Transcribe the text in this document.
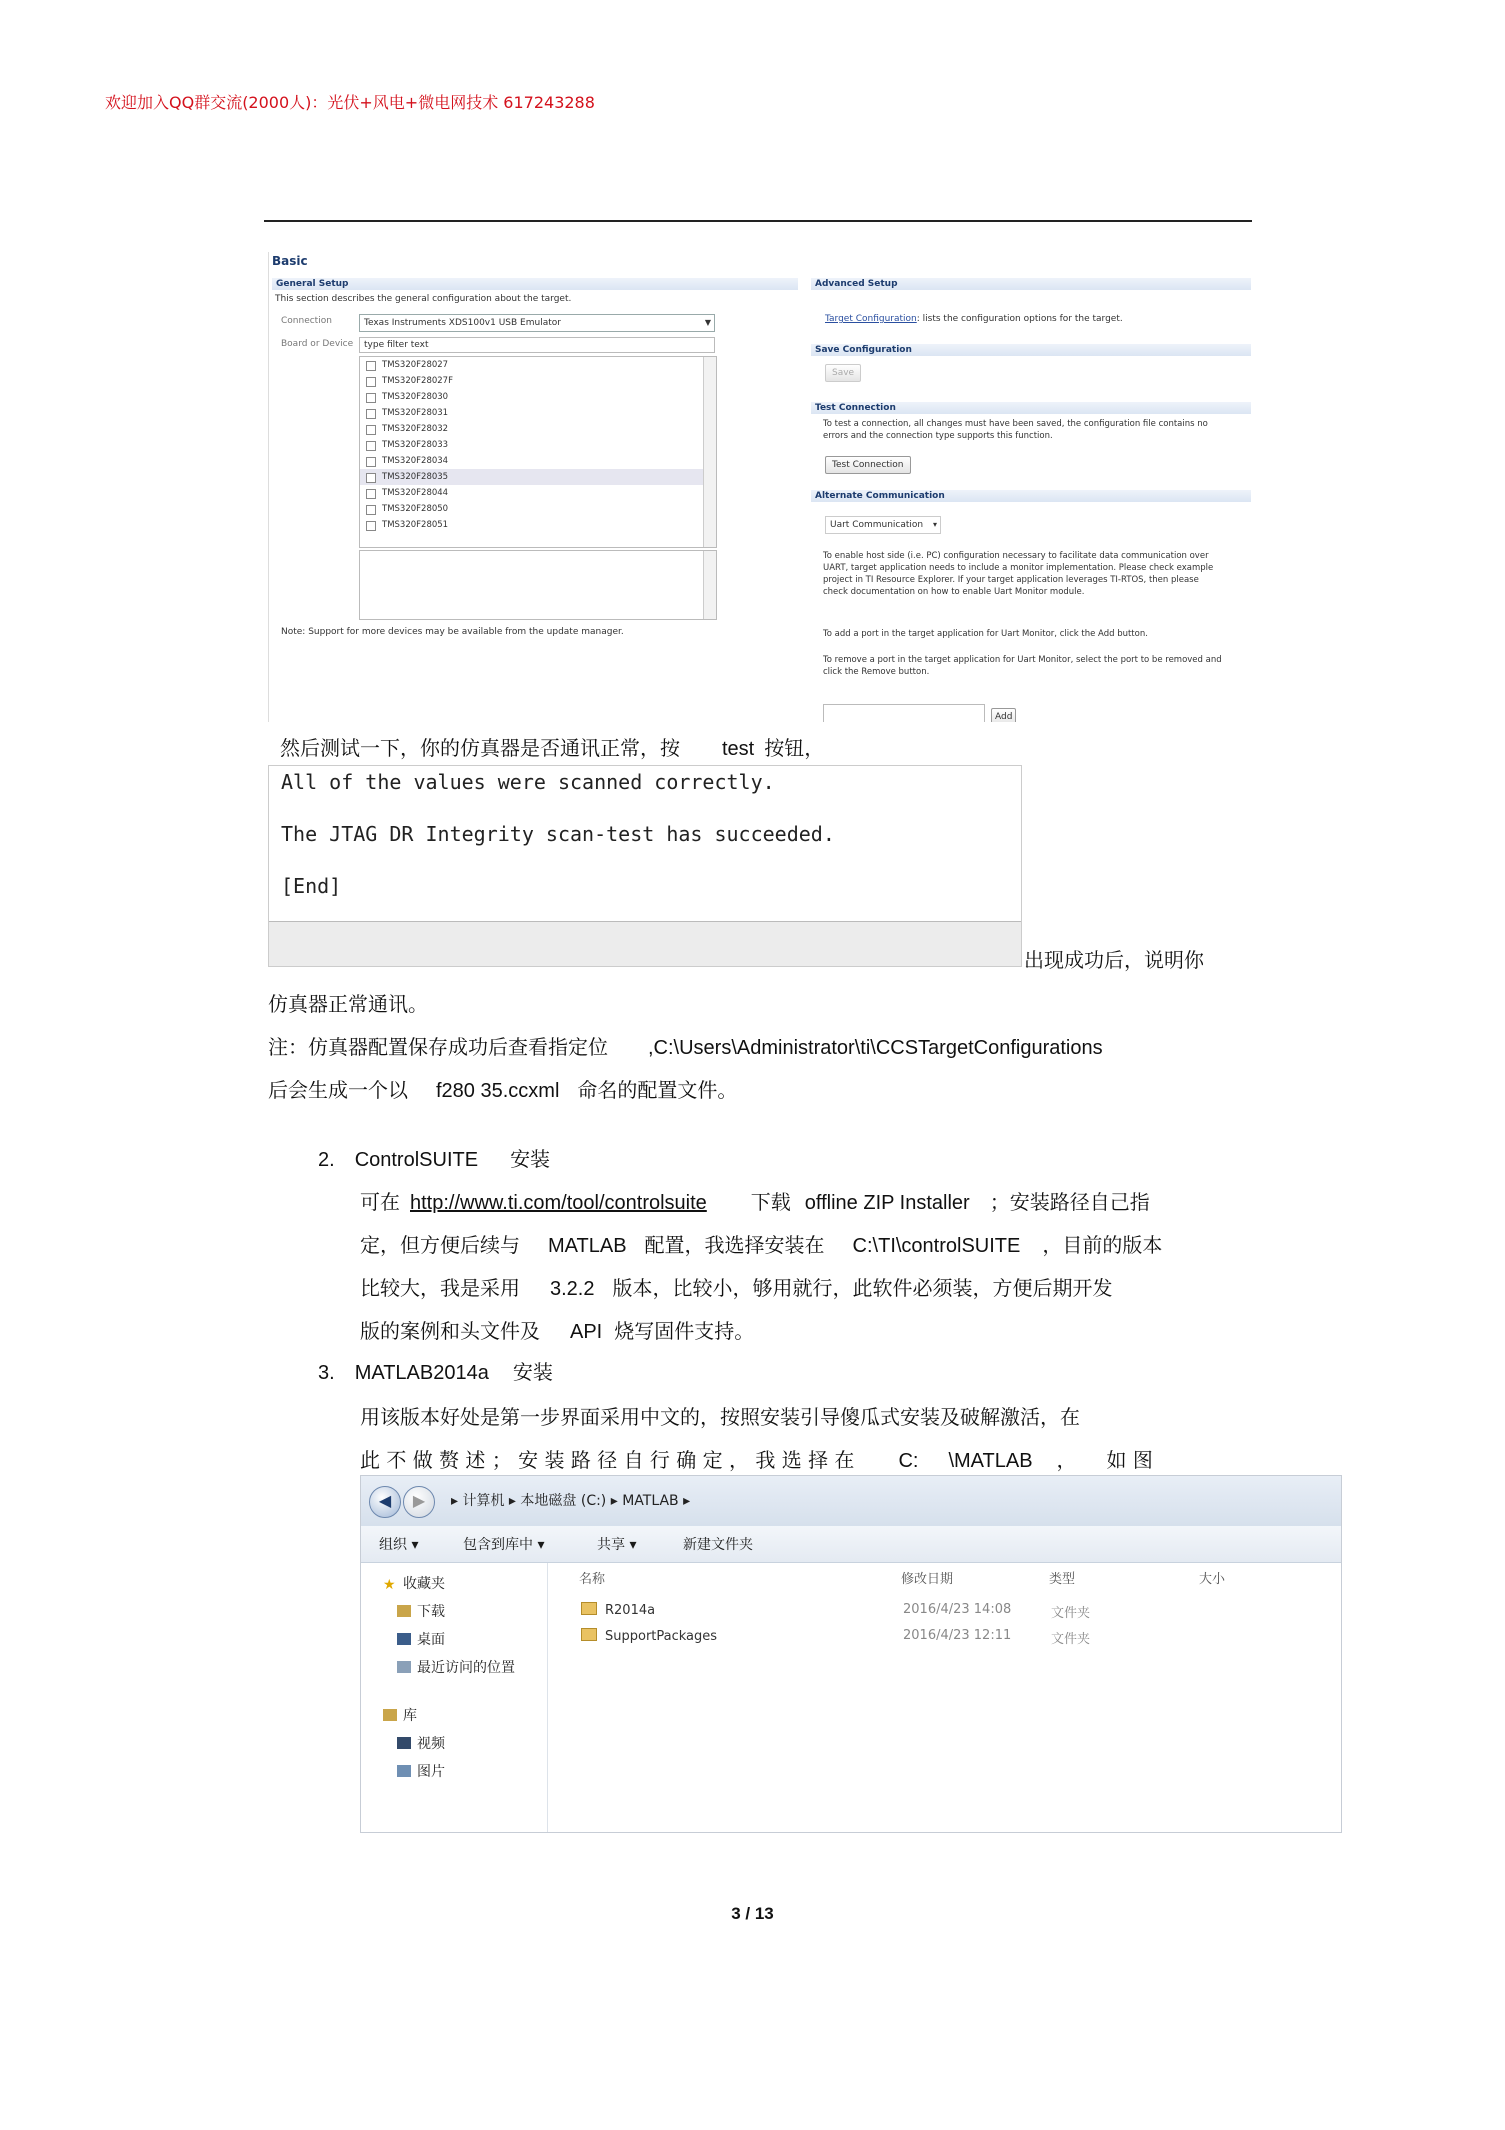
欢迎加入QQ群交流(2000人)：光伏+风电+微电网技术 617243288
Basic
General Setup
This section describes the general configuration about the target.
Connection	Texas Instruments XDS100v1 USB Emulator	▼
Board or Device	type filter text
TMS320F28027
TMS320F28027F
TMS320F28030
TMS320F28031
TMS320F28032
TMS320F28033
TMS320F28034
TMS320F28035
TMS320F28044
TMS320F28050
TMS320F28051
Note: Support for more devices may be available from the update manager.
Advanced Setup
Target Configuration: lists the configuration options for the target.
Save Configuration
Save
Test Connection
To test a connection, all changes must have been saved, the configuration file contains no errors and the connection type supports this function.
Test Connection
Alternate Communication
Uart Communication ▾
To enable host side (i.e. PC) configuration necessary to facilitate data communication over UART, target application needs to include a monitor implementation. Please check example project in TI Resource Explorer. If your target application leverages TI-RTOS, then please check documentation on how to enable Uart Monitor module.
To add a port in the target application for Uart Monitor, click the Add button.
To remove a port in the target application for Uart Monitor, select the port to be removed and click the Remove button.
Add
然后测试一下，你的仿真器是否通讯正常，按 test 按钮，
All of the values were scanned correctly.
The JTAG DR Integrity scan-test has succeeded.
[End]
出现成功后，说明你
仿真器正常通讯。
注：仿真器配置保存成功后查看指定位 ,C:\Users\Administrator\ti\CCSTargetConfigurations
后会生成一个以 f280 35.ccxml 命名的配置文件。
2. ControlSUITE 安装
可在 http://www.ti.com/tool/controlsuite 下载 offline ZIP Installer ；安装路径自己指
定，但方便后续与 MATLAB 配置，我选择安装在 C:\TI\controlSUITE ，目前的版本
比较大，我是采用 3.2.2 版本，比较小，够用就行，此软件必须装，方便后期开发
版的案例和头文件及 API 烧写固件支持。
3. MATLAB2014a 安装
用该版本好处是第一步界面采用中文的，按照安装引导傻瓜式安装及破解激活，在
此 不 做 赘 述 ； 安 装 路 径 自 行 确 定 ， 我 选 择 在 C: \MATLAB ， 如 图
◀	▶	▸ 计算机 ▸ 本地磁盘 (C:) ▸ MATLAB ▸
组织 ▾	包含到库中 ▾	共享 ▾	新建文件夹
★ 收藏夹
下载
桌面
最近访问的位置
库
视频
图片
名称	修改日期	类型	大小
R2014a	2016/4/23 14:08	文件夹
SupportPackages	2016/4/23 12:11	文件夹
3 / 13
